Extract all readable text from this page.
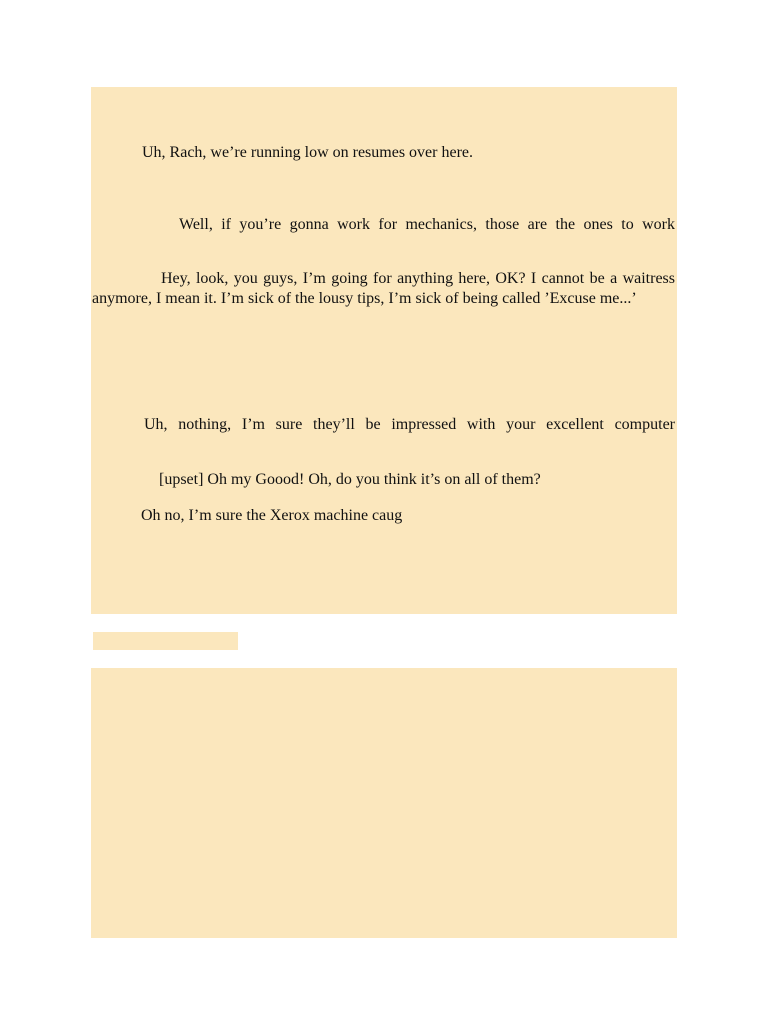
Uh, Rach, we’re running low on resumes over here.
Well, if you’re gonna work for mechanics, those are the ones to work
Hey, look, you guys, I’m going for anything here, OK? I cannot be a waitress anymore, I mean it. I’m sick of the lousy tips, I’m sick of being called ’Excuse me...’
Uh, nothing, I’m sure they’ll be impressed with your excellent computer
[upset] Oh my Goood! Oh, do you think it’s on all of them?
Oh no, I’m sure the Xerox machine caug
